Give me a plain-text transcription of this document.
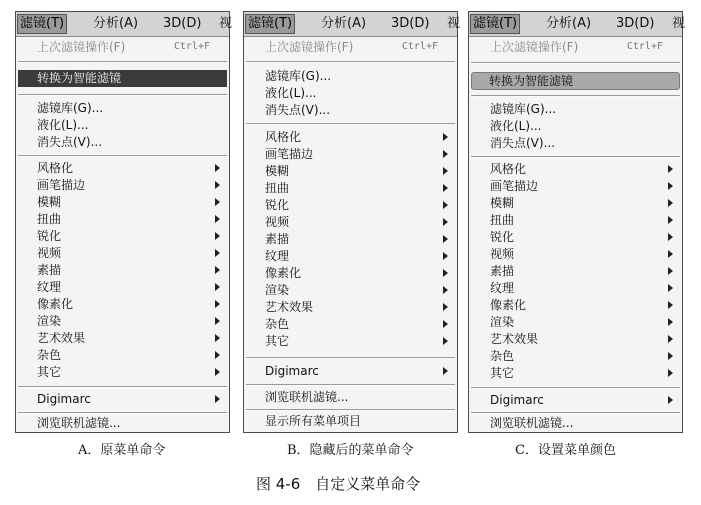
滤镜(T) 分析(A) 3D(D) 视
上次滤镜操作(F)	Ctrl+F
转换为智能滤镜
滤镜库(G)...
液化(L)...
消失点(V)...
风格化
画笔描边
模糊
扭曲
锐化
视频
素描
纹理
像素化
渲染
艺术效果
杂色
其它
Digimarc
浏览联机滤镜...
滤镜(T) 分析(A) 3D(D) 视
上次滤镜操作(F)	Ctrl+F
滤镜库(G)...
液化(L)...
消失点(V)...
风格化
画笔描边
模糊
扭曲
锐化
视频
素描
纹理
像素化
渲染
艺术效果
杂色
其它
Digimarc
浏览联机滤镜...
显示所有菜单项目
滤镜(T) 分析(A) 3D(D) 视
上次滤镜操作(F)	Ctrl+F
转换为智能滤镜
滤镜库(G)...
液化(L)...
消失点(V)...
风格化
画笔描边
模糊
扭曲
锐化
视频
素描
纹理
像素化
渲染
艺术效果
杂色
其它
Digimarc
浏览联机滤镜...
A．原菜单命令	B．隐藏后的菜单命令	C．设置菜单颜色
图 4-6　自定义菜单命令
